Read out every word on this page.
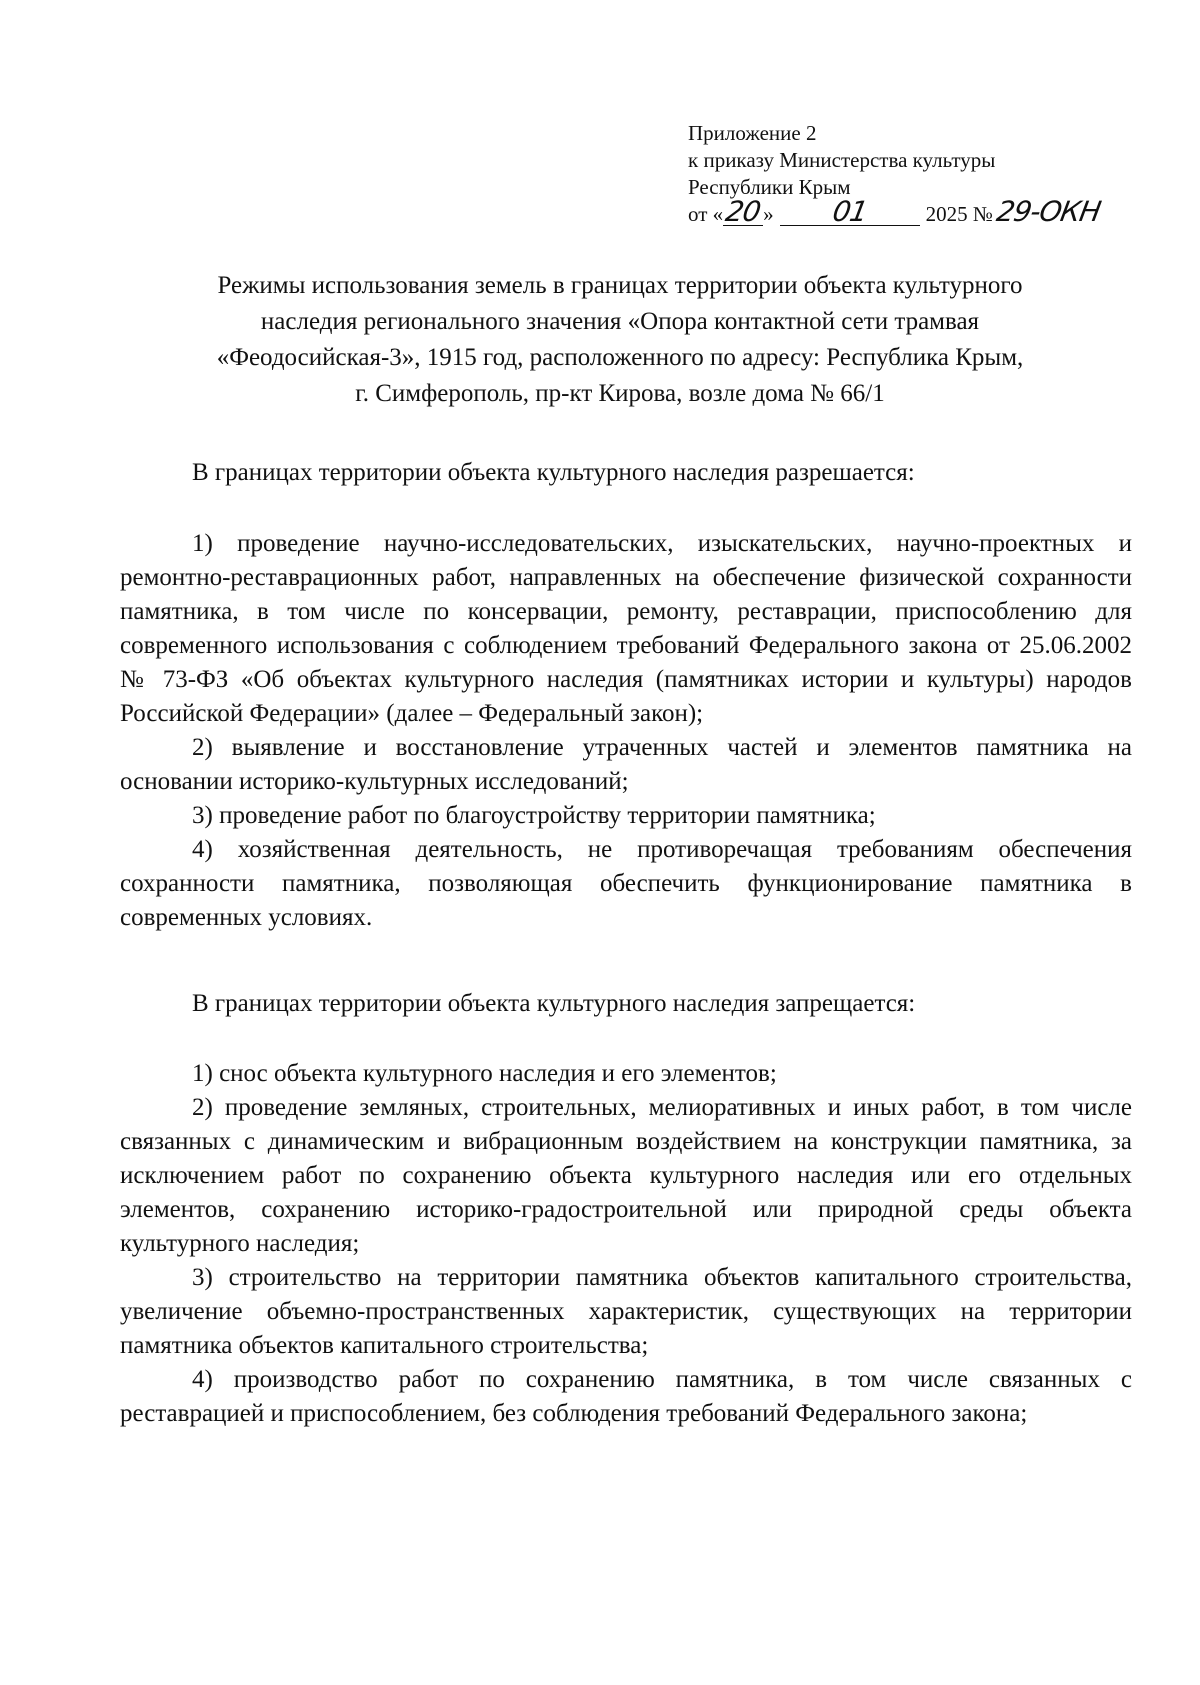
Приложение 2
к приказу Министерства культуры
Республики Крым
от «20» 01	2025 №29-ОКН
Режимы использования земель в границах территории объекта культурного
наследия регионального значения «Опора контактной сети трамвая
«Феодосийская-3», 1915 год, расположенного по адресу: Республика Крым,
г. Симферополь, пр-кт Кирова, возле дома № 66/1

В границах территории объекта культурного наследия разрешается:

1) проведение научно-исследовательских, изыскательских, научно-проектных и ремонтно-реставрационных работ, направленных на обеспечение физической сохранности памятника, в том числе по консервации, ремонту, реставрации, приспособлению для современного использования с соблюдением требований Федерального закона от 25.06.2002 № 73-ФЗ «Об объектах культурного наследия (памятниках истории и культуры) народов Российской Федерации» (далее – Федеральный закон);

2) выявление и восстановление утраченных частей и элементов памятника на основании историко-культурных исследований;

3) проведение работ по благоустройству территории памятника;

4) хозяйственная деятельность, не противоречащая требованиям обеспечения сохранности памятника, позволяющая обеспечить функционирование памятника в современных условиях.

В границах территории объекта культурного наследия запрещается:

1) снос объекта культурного наследия и его элементов;

2) проведение земляных, строительных, мелиоративных и иных работ, в том числе связанных с динамическим и вибрационным воздействием на конструкции памятника, за исключением работ по сохранению объекта культурного наследия или его отдельных элементов, сохранению историко-градостроительной или природной среды объекта культурного наследия;

3) строительство на территории памятника объектов капитального строительства, увеличение объемно-пространственных характеристик, существующих на территории памятника объектов капитального строительства;

4) производство работ по сохранению памятника, в том числе связанных с реставрацией и приспособлением, без соблюдения требований Федерального закона;
